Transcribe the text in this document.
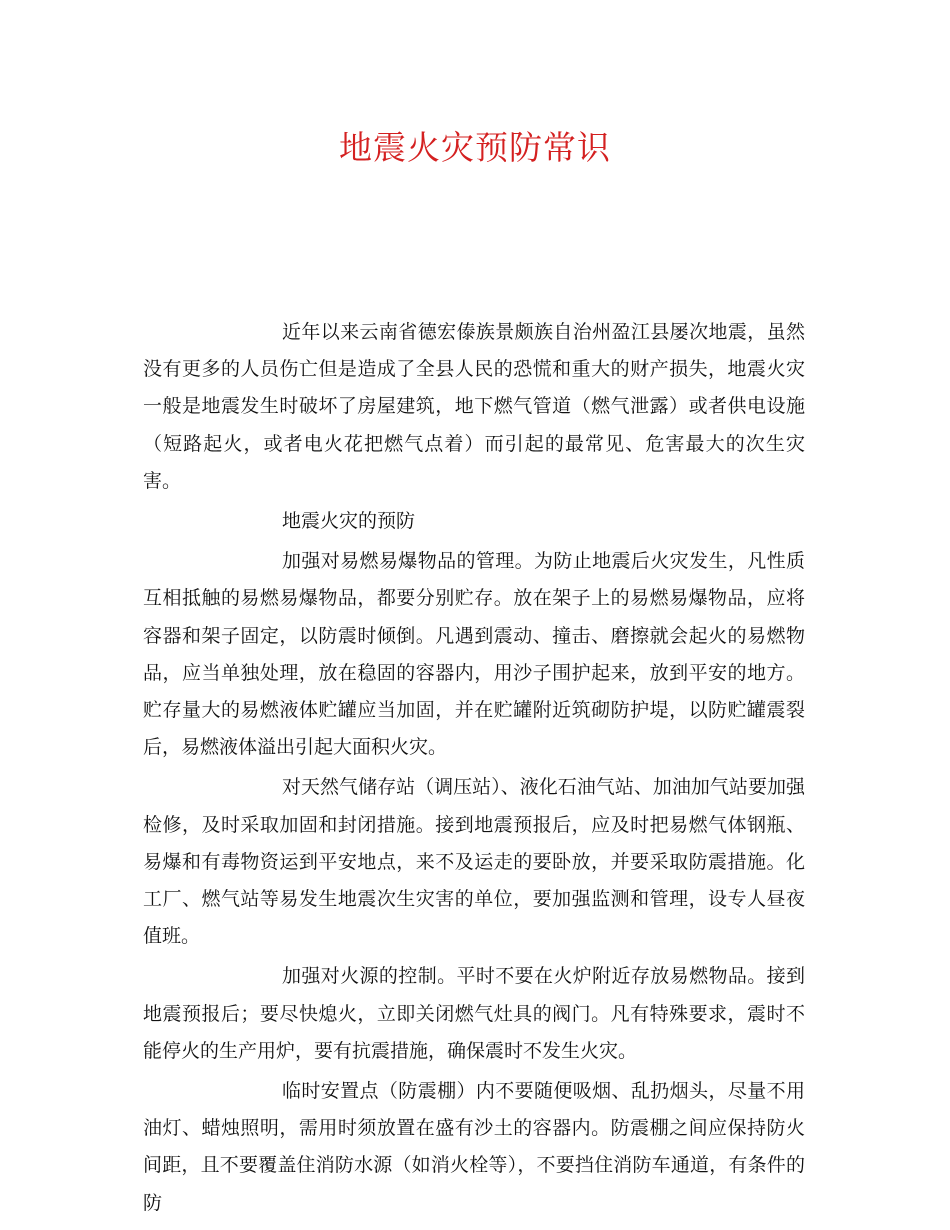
地震火灾预防常识

近年以来云南省德宏傣族景颇族自治州盈江县屡次地震，虽然没有更多的人员伤亡但是造成了全县人民的恐慌和重大的财产损失，地震火灾一般是地震发生时破坏了房屋建筑，地下燃气管道（燃气泄露）或者供电设施（短路起火，或者电火花把燃气点着）而引起的最常见、危害最大的次生灾害。

地震火灾的预防

加强对易燃易爆物品的管理。为防止地震后火灾发生，凡性质互相抵触的易燃易爆物品，都要分别贮存。放在架子上的易燃易爆物品，应将容器和架子固定，以防震时倾倒。凡遇到震动、撞击、磨擦就会起火的易燃物品，应当单独处理，放在稳固的容器内，用沙子围护起来，放到平安的地方。贮存量大的易燃液体贮罐应当加固，并在贮罐附近筑砌防护堤，以防贮罐震裂后，易燃液体溢出引起大面积火灾。

对天然气储存站（调压站）、液化石油气站、加油加气站要加强检修，及时采取加固和封闭措施。接到地震预报后，应及时把易燃气体钢瓶、易爆和有毒物资运到平安地点，来不及运走的要卧放，并要采取防震措施。化工厂、燃气站等易发生地震次生灾害的单位，要加强监测和管理，设专人昼夜值班。

加强对火源的控制。平时不要在火炉附近存放易燃物品。接到地震预报后；要尽快熄火，立即关闭燃气灶具的阀门。凡有特殊要求，震时不能停火的生产用炉，要有抗震措施，确保震时不发生火灾。

临时安置点（防震棚）内不要随便吸烟、乱扔烟头，尽量不用油灯、蜡烛照明，需用时须放置在盛有沙土的容器内。防震棚之间应保持防火间距，且不要覆盖住消防水源（如消火栓等），不要挡住消防车通道，有条件的防
